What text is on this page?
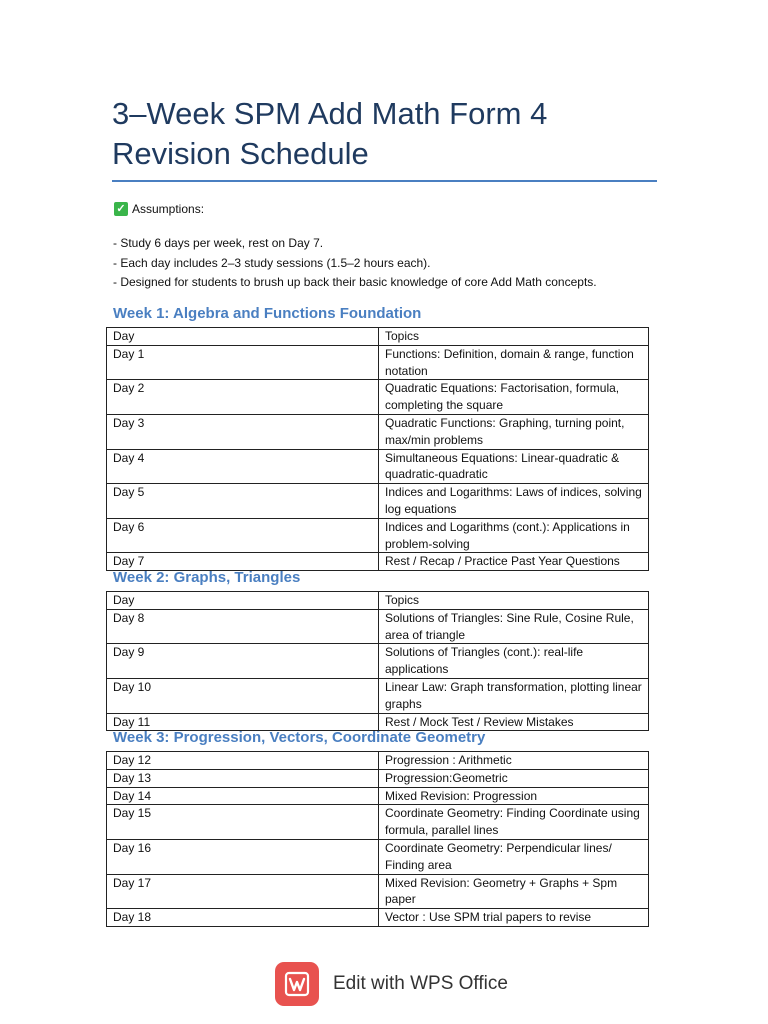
3–Week SPM Add Math Form 4
Revision Schedule
✓ Assumptions:
- Study 6 days per week, rest on Day 7.
- Each day includes 2–3 study sessions (1.5–2 hours each).
- Designed for students to brush up back their basic knowledge of core Add Math concepts.
Week 1: Algebra and Functions Foundation
Day	Topics
Day 1	Functions: Definition, domain & range, function notation
Day 2	Quadratic Equations: Factorisation, formula, completing the square
Day 3	Quadratic Functions: Graphing, turning point, max/min problems
Day 4	Simultaneous Equations: Linear-quadratic & quadratic-quadratic
Day 5	Indices and Logarithms: Laws of indices, solving log equations
Day 6	Indices and Logarithms (cont.): Applications in problem-solving
Day 7	Rest / Recap / Practice Past Year Questions
Week 2: Graphs, Triangles
Day	Topics
Day 8	Solutions of Triangles: Sine Rule, Cosine Rule, area of triangle
Day 9	Solutions of Triangles (cont.): real-life applications
Day 10	Linear Law: Graph transformation, plotting linear graphs
Day 11	Rest / Mock Test / Review Mistakes
Week 3: Progression, Vectors, Coordinate Geometry
Day 12	Progression : Arithmetic
Day 13	Progression:Geometric
Day 14	Mixed Revision: Progression
Day 15	Coordinate Geometry: Finding Coordinate using formula, parallel lines
Day 16	Coordinate Geometry: Perpendicular lines/ Finding area
Day 17	Mixed Revision: Geometry + Graphs + Spm paper
Day 18	Vector : Use SPM trial papers to revise
Edit with WPS Office
